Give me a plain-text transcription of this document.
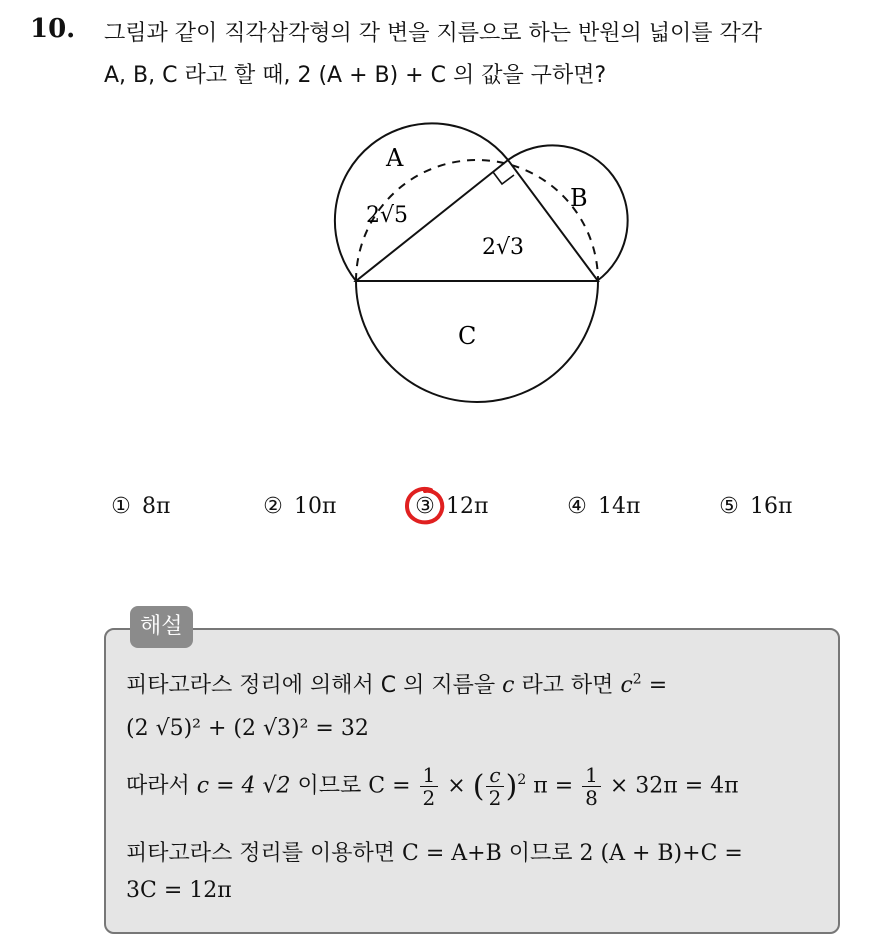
10. 그림과 같이 직각삼각형의 각 변을 지름으로 하는 반원의 넓이를 각각
A, B, C 라고 할 때, 2 (A + B) + C 의 값을 구하면?
A
B
C
2√5
2√3
① 8π	② 10π	③ 12π	④ 14π	⑤ 16π
해설
피타고라스 정리에 의해서 C 의 지름을 c 라고 하면 $c^2$ =
(2 √5)² + (2 √3)² = 32
따라서 c = 4 √2 이므로 $C = \frac{1}{2}$ × ( $\frac{c}{2} )^2$ $\pi = \frac{1}{8} \times 32\pi = 4\pi$
피타고라스 정리를 이용하면 C = A+B 이므로 2 (A + B)+C =
3C = 12π
